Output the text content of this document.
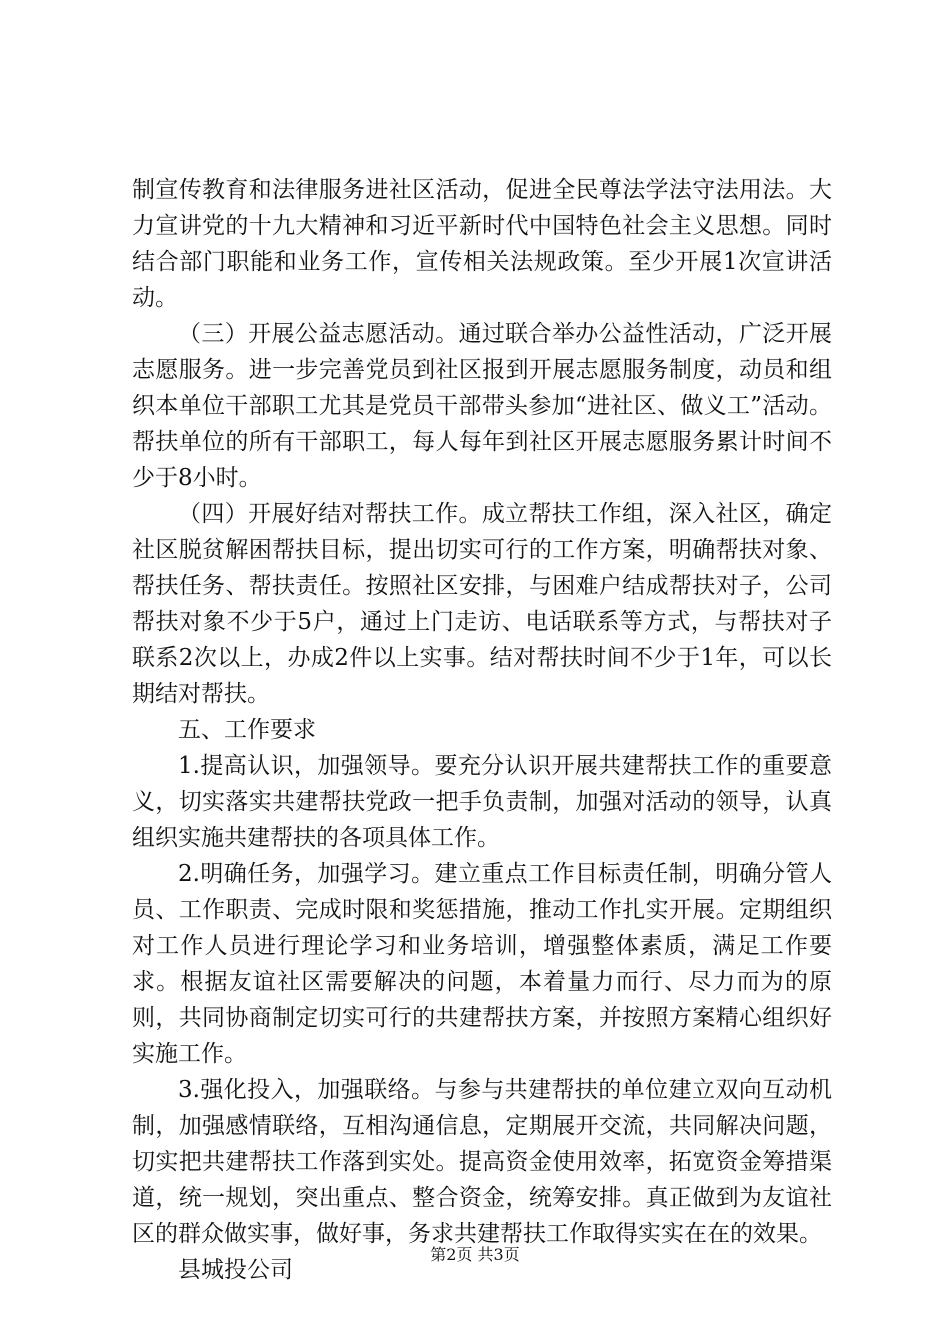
制宣传教育和法律服务进社区活动，促进全民尊法学法守法用法。大力宣讲党的十九大精神和习近平新时代中国特色社会主义思想。同时结合部门职能和业务工作，宣传相关法规政策。至少开展1次宣讲活动。

（三）开展公益志愿活动。通过联合举办公益性活动，广泛开展志愿服务。进一步完善党员到社区报到开展志愿服务制度，动员和组织本单位干部职工尤其是党员干部带头参加“进社区、做义工”活动。帮扶单位的所有干部职工，每人每年到社区开展志愿服务累计时间不少于8小时。

（四）开展好结对帮扶工作。成立帮扶工作组，深入社区，确定社区脱贫解困帮扶目标，提出切实可行的工作方案，明确帮扶对象、帮扶任务、帮扶责任。按照社区安排，与困难户结成帮扶对子，公司帮扶对象不少于5户，通过上门走访、电话联系等方式，与帮扶对子联系2次以上，办成2件以上实事。结对帮扶时间不少于1年，可以长期结对帮扶。

五、工作要求

1.提高认识，加强领导。要充分认识开展共建帮扶工作的重要意义，切实落实共建帮扶党政一把手负责制，加强对活动的领导，认真组织实施共建帮扶的各项具体工作。

2.明确任务，加强学习。建立重点工作目标责任制，明确分管人员、工作职责、完成时限和奖惩措施，推动工作扎实开展。定期组织对工作人员进行理论学习和业务培训，增强整体素质，满足工作要求。根据友谊社区需要解决的问题，本着量力而行、尽力而为的原则，共同协商制定切实可行的共建帮扶方案，并按照方案精心组织好实施工作。

3.强化投入，加强联络。与参与共建帮扶的单位建立双向互动机制，加强感情联络，互相沟通信息，定期展开交流，共同解决问题，切实把共建帮扶工作落到实处。提高资金使用效率，拓宽资金筹措渠道，统一规划，突出重点、整合资金，统筹安排。真正做到为友谊社区的群众做实事，做好事，务求共建帮扶工作取得实实在在的效果。

县城投公司

第2页 共3页
